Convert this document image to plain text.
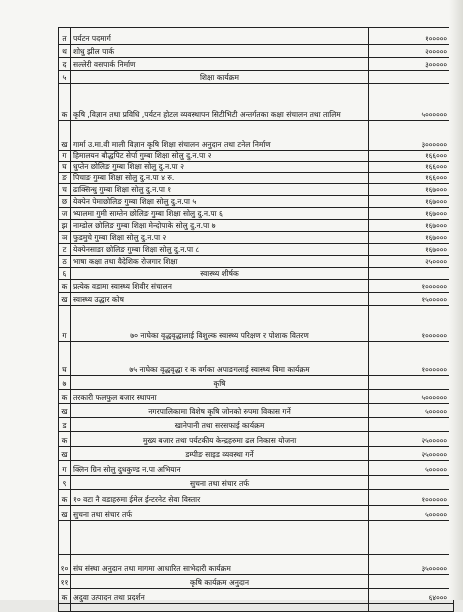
त	पर्यटन पदमार्ग	१०००००
थ	शोधु झील पार्क	२०००००
द	सल्लेरी वसपार्क निर्माण	३०००००
५	शिक्षा कार्यक्रम	
क	कृषि ,विज्ञान तथा प्रविधि ,पर्यटन होटल व्यवस्थापन सिटीभिटी अन्तर्गतका कक्षा संचालन तथा तालिम	५००००००
ख	गार्मा उ.मा.वी माली विज्ञान कृषि शिक्षा संचालन अनुदान तथा टनेल निर्माण	३००००००
ग	हिमालयन बौद्धपिट सेर्पा गुम्बा शिक्षा सोलु दु.न.पा २	१६६०००
घ	धुप्तेन छोलिङ गुम्बा शिक्षा सोलु दु.न.पा २	१६६०००
ङ	पिचाङ गुम्बा शिक्षा सोलु दु.न.पा ४ रु.	१६६०००
च	ढाक्सिन्धु गुम्बा शिक्षा सोलु दु.न.पा १	१६७०००
छ	येक्पेन पेमाछोलिङ गुम्बा शिक्षा सोलु दु.न.पा ५	१६७०००
ज	भ्यालमा गुमी साम्तेन छोलिङ गुम्बा शिक्षा सोलु दु.न.पा ६	१६७०००
झ	नाम्डोल छोलिङ गुम्बा शिक्षा मेन्दोपाके सोलु दु.न.पा ७	१६७०००
ञ	फुडमुचे गुम्बा शिक्षा सोलु दु.न.पा २	१६७०००
ट	येक्पेनसाङा छोलिङ गुम्बा शिक्षा सोलु दु.न.पा ८	१६७०००
ठ	भाषा कक्षा तथा वैदेशिक रोजगार शिक्षा	२५००००
६	स्वास्थ्य शीर्षक	
क	प्रत्येक वडामा स्वास्थ्य शिवीर संचालन	१००००००
ख	स्वास्थ्य उद्धार कोष	१५०००००
ग	७० नाघेका वृद्धवृद्धालाई विशुल्क स्वास्थ्य परिक्षण र पोशाक वितरण	१००००००
घ	७५ नाघेका वृद्धवृद्धा र क वर्गका अपाङगलाई स्वास्थ्य बिमा कार्यक्रम	१००००००
७	कृषि	
क	तरकारी फलफुल बजार स्थापना	५००००००
ख	नगरपालिकामा विशेष कृषि जोनको रुपमा विकास गर्ने	५०००००
ड	खानेपानी तथा सरसफाई कार्यक्रम	
क	मुख्य बजार तथा पर्यटकीय केन्द्रहरुमा ढल निकास योजना	२५०००००
ख	डम्पीङ साइड व्यवस्था गर्ने	२५०००००
ग	क्लिन ग्रिन सोलु दुधकुण्ड न.पा अभियान	५०००००
९	सुचना तथा संचार तर्फ	
क	१० वटा नै वडाहरुमा ईमेल ईन्टरनेट सेवा विस्तार	१००००००
ख	सुचना तथा संचार तर्फ	५०००००

१०	संघ संस्था अनुदान तथा मागमा आधारित साभेदारी कार्यक्रम	३५०००००
११	कृषि कार्यक्रम अनुदान	
क	अदुवा उत्पादन तथा प्रदर्शन	६४०००
